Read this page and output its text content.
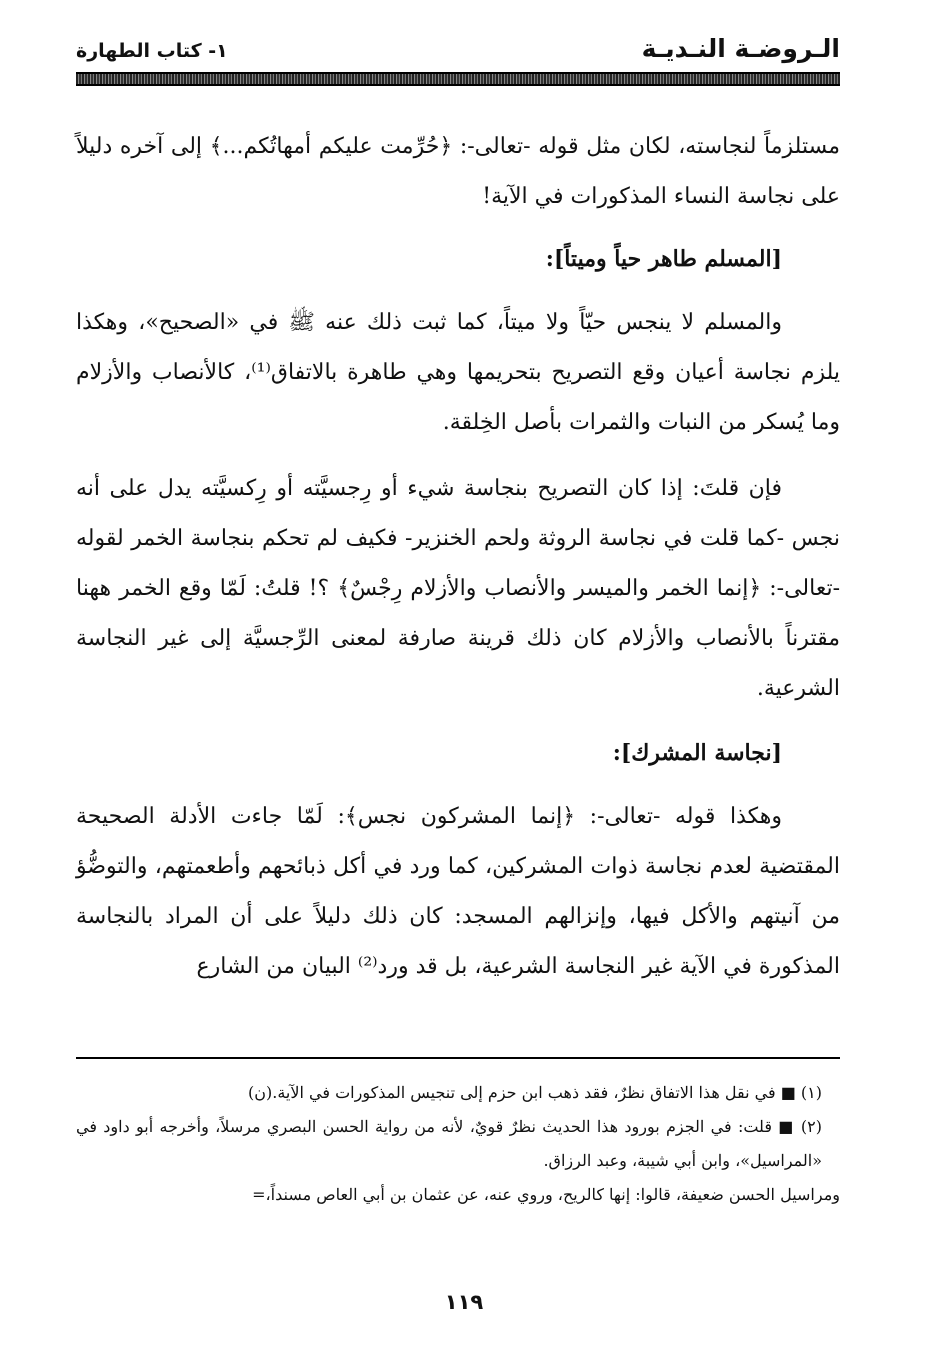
الـروضـة النـديـة
١- كتاب الطهارة

مستلزماً لنجاسته، لكان مثل قوله -تعالى-: ﴿حُرِّمت عليكم أمهاتُكم...﴾ إلى آخره دليلاً على نجاسة النساء المذكورات في الآية!

[المسلم طاهر حياً وميتاً]:

والمسلم لا ينجس حيّاً ولا ميتاً، كما ثبت ذلك عنه ﷺ في «الصحيح»، وهكذا يلزم نجاسة أعيان وقع التصريح بتحريمها وهي طاهرة بالاتفاق⁽¹⁾، كالأنصاب والأزلام وما يُسكر من النبات والثمرات بأصل الخِلقة.

فإن قلتَ: إذا كان التصريح بنجاسة شيء أو رِجسيَّته أو رِكسيَّته يدل على أنه نجس -كما قلت في نجاسة الروثة ولحم الخنزير- فكيف لم تحكم بنجاسة الخمر لقوله -تعالى-: ﴿إنما الخمر والميسر والأنصاب والأزلام رِجْسٌ﴾ ؟! قلتُ: لَمّا وقع الخمر ههنا مقترناً بالأنصاب والأزلام كان ذلك قرينة صارفة لمعنى الرِّجسيَّة إلى غير النجاسة الشرعية.

[نجاسة المشرك]:

وهكذا قوله -تعالى-: ﴿إنما المشركون نجس﴾: لَمّا جاءت الأدلة الصحيحة المقتضية لعدم نجاسة ذوات المشركين، كما ورد في أكل ذبائحهم وأطعمتهم، والتوضُّؤ من آنيتهم والأكل فيها، وإنزالهم المسجد: كان ذلك دليلاً على أن المراد بالنجاسة المذكورة في الآية غير النجاسة الشرعية، بل قد ورد⁽²⁾ البيان من الشارع

(١) ■ في نقل هذا الاتفاق نظرٌ، فقد ذهب ابن حزم إلى تنجيس المذكورات في الآية.(ن)

(٢) ■ قلت: في الجزم بورود هذا الحديث نظرٌ قويٌ، لأنه من رواية الحسن البصري مرسلاً، وأخرجه أبو داود في «المراسيل»، وابن أبي شيبة، وعبد الرزاق.

ومراسيل الحسن ضعيفة، قالوا: إنها كالريح، وروي عنه، عن عثمان بن أبي العاص مسنداً،=

١١٩
